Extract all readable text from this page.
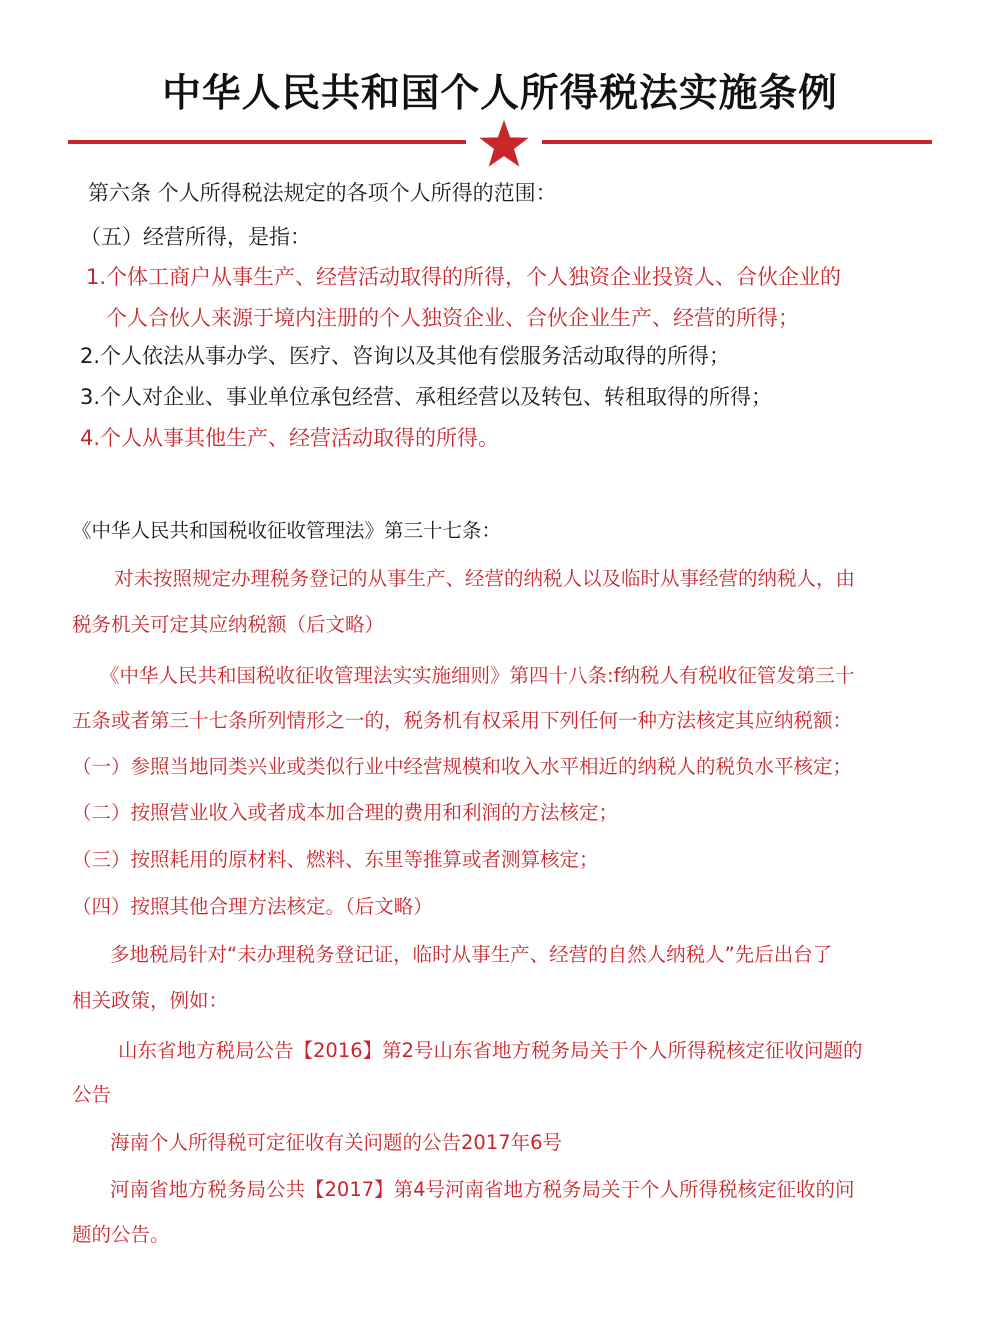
中华人民共和国个人所得税法实施条例
第六条 个人所得税法规定的各项个人所得的范围：
（五）经营所得，是指：
1.个体工商户从事生产、经营活动取得的所得，个人独资企业投资人、合伙企业的
个人合伙人来源于境内注册的个人独资企业、合伙企业生产、经营的所得；
2.个人依法从事办学、医疗、咨询以及其他有偿服务活动取得的所得；
3.个人对企业、事业单位承包经营、承租经营以及转包、转租取得的所得；
4.个人从事其他生产、经营活动取得的所得。
《中华人民共和国税收征收管理法》第三十七条：
对未按照规定办理税务登记的从事生产、经营的纳税人以及临时从事经营的纳税人，由
税务机关可定其应纳税额（后文略）
《中华人民共和国税收征收管理法实实施细则》第四十八条:f纳税人有税收征管发第三十
五条或者第三十七条所列情形之一的，税务机有权采用下列任何一种方法核定其应纳税额：
（一）参照当地同类兴业或类似行业中经营规模和收入水平相近的纳税人的税负水平核定；
（二）按照营业收入或者成本加合理的费用和利润的方法核定；
（三）按照耗用的原材料、燃料、东里等推算或者测算核定；
（四）按照其他合理方法核定。（后文略）
多地税局针对“未办理税务登记证，临时从事生产、经营的自然人纳税人”先后出台了
相关政策，例如：
山东省地方税局公告【2016】第2号山东省地方税务局关于个人所得税核定征收问题的
公告
海南个人所得税可定征收有关问题的公告2017年6号
河南省地方税务局公共【2017】第4号河南省地方税务局关于个人所得税核定征收的问
题的公告。
